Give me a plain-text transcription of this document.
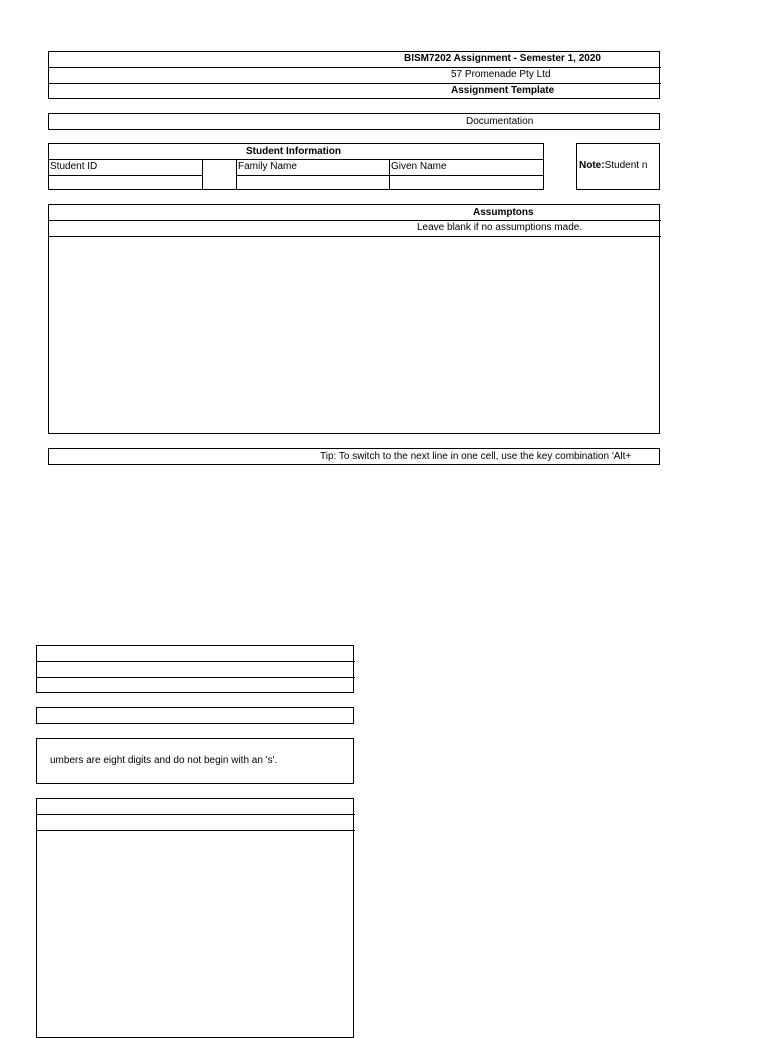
BISM7202 Assignment - Semester 1, 2020
57 Promenade Pty Ltd
Assignment Template
Documentation
Student Information
Student ID	Family Name	Given Name	Note:Student n
Assumptons
Leave blank if no assumptions made.
Tip: To switch to the next line in one cell, use the key combination 'Alt+
umbers are eight digits and do not begin with an 's'.
